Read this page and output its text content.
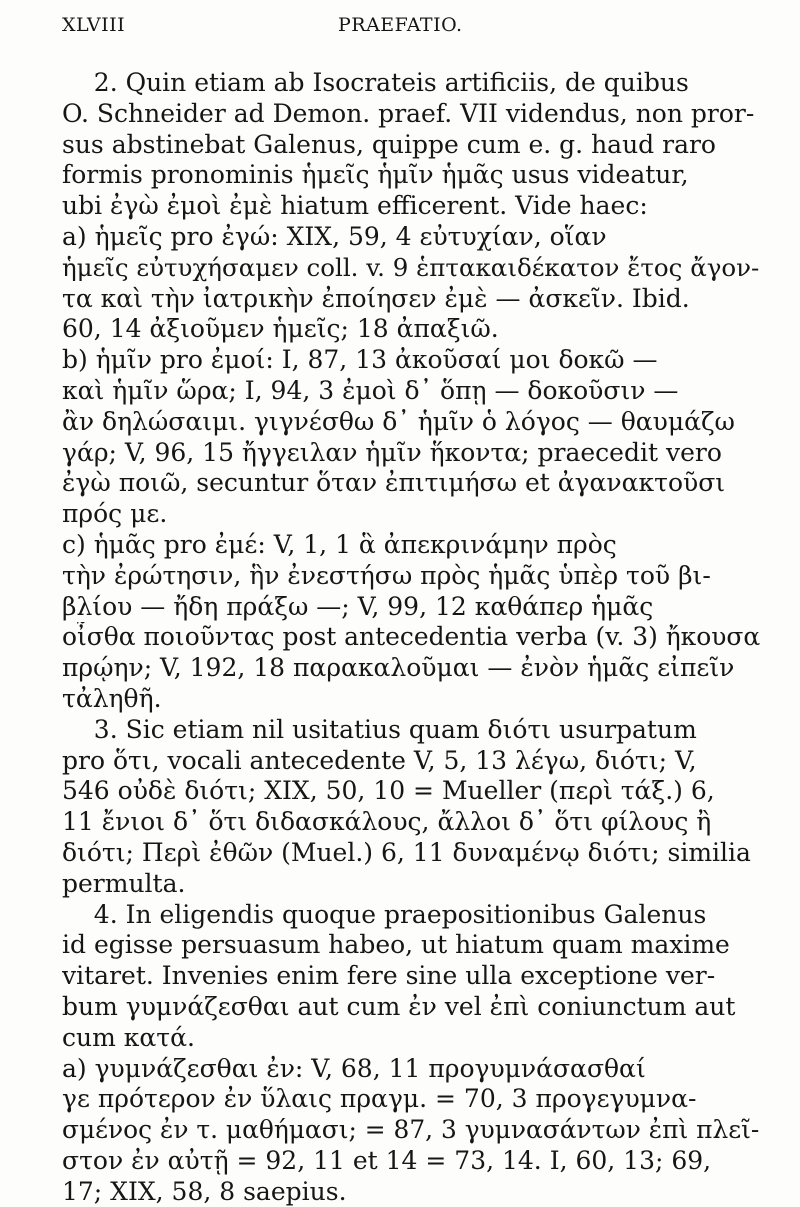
XLVIII	PRAEFATIO.
2. Quin etiam ab Isocrateis artificiis, de quibus
O. Schneider ad Demon. praef. VII videndus, non pror-
sus abstinebat Galenus, quippe cum e. g. haud raro
formis pronominis ἡμεῖς ἡμῖν ἡμᾶς usus videatur,
ubi ἐγὼ ἐμοὶ ἐμὲ hiatum efficerent. Vide haec:
a) ἡμεῖς pro ἐγώ: XIX, 59, 4 εὐτυχίαν, οἵαν
ἡμεῖς εὐτυχήσαμεν coll. v. 9 ἑπτακαιδέκατον ἔτος ἄγον-
τα καὶ τὴν ἰατρικὴν ἐποίησεν ἐμὲ — ἀσκεῖν. Ibid.
60, 14 ἀξιοῦμεν ἡμεῖς; 18 ἀπαξιῶ.
b) ἡμῖν pro ἐμοί: I, 87, 13 ἀκοῦσαί μοι δοκῶ —
καὶ ἡμῖν ὥρα; I, 94, 3 ἐμοὶ δ᾽ ὅπῃ — δοκοῦσιν —
ἂν δηλώσαιμι. γιγνέσθω δ᾽ ἡμῖν ὁ λόγος — θαυμάζω
γάρ; V, 96, 15 ἤγγειλαν ἡμῖν ἥκοντα; praecedit vero
ἐγὼ ποιῶ, secuntur ὅταν ἐπιτιμήσω et ἀγανακτοῦσι
πρός με.
c) ἡμᾶς pro ἐμέ: V, 1, 1 ἃ ἀπεκρινάμην πρὸς
τὴν ἐρώτησιν, ἣν ἐνεστήσω πρὸς ἡμᾶς ὑπὲρ τοῦ βι-
βλίου — ἤδη πράξω —; V, 99, 12 καθάπερ ἡμᾶς
οἶσθα ποιοῦντας post antecedentia verba (v. 3) ἤκουσα
πρῴην; V, 192, 18 παρακαλοῦμαι — ἐνὸν ἡμᾶς εἰπεῖν
τἀληθῆ.
3. Sic etiam nil usitatius quam διότι usurpatum
pro ὅτι, vocali antecedente V, 5, 13 λέγω, διότι; V,
546 οὐδὲ διότι; XIX, 50, 10 = Mueller (περὶ τάξ.) 6,
11 ἔνιοι δ᾽ ὅτι διδασκάλους, ἄλλοι δ᾽ ὅτι φίλους ἢ
διότι; Περὶ ἐθῶν (Muel.) 6, 11 δυναμένῳ διότι; similia
permulta.
4. In eligendis quoque praepositionibus Galenus
id egisse persuasum habeo, ut hiatum quam maxime
vitaret. Invenies enim fere sine ulla exceptione ver-
bum γυμνάζεσθαι aut cum ἐν vel ἐπὶ coniunctum aut
cum κατά.
a) γυμνάζεσθαι ἐν: V, 68, 11 προγυμνάσασθαί
γε πρότερον ἐν ὕλαις πραγμ. = 70, 3 προγεγυμνα-
σμένος ἐν τ. μαθήμασι; = 87, 3 γυμνασάντων ἐπὶ πλεῖ-
στον ἐν αὐτῇ = 92, 11 et 14 = 73, 14. I, 60, 13; 69,
17; XIX, 58, 8 saepius.
